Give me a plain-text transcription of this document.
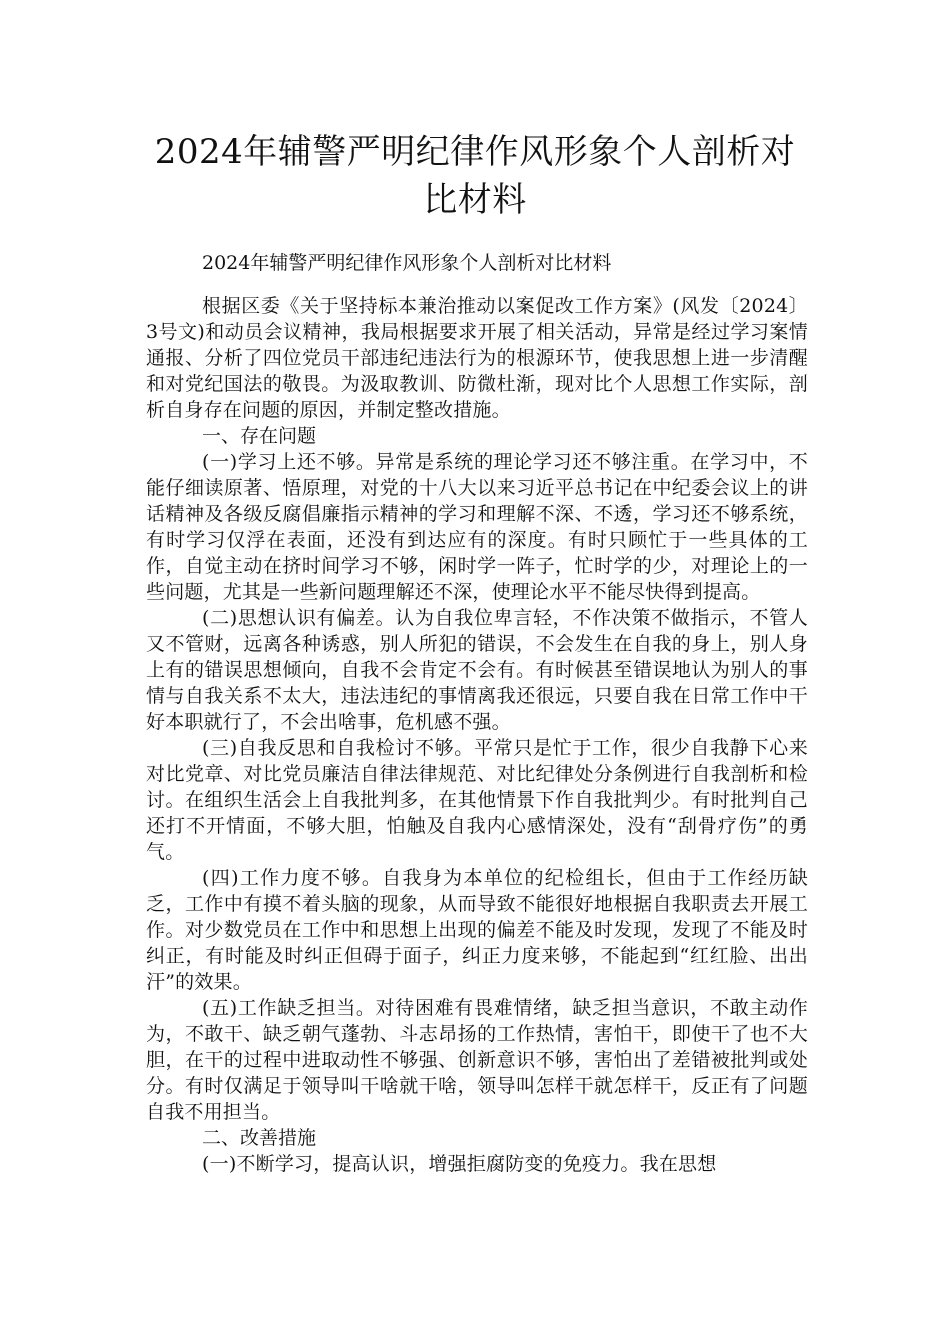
2024年辅警严明纪律作风形象个人剖析对
比材料

2024年辅警严明纪律作风形象个人剖析对比材料

根据区委《关于坚持标本兼治推动以案促改工作方案》(风发〔2024〕3号文)和动员会议精神，我局根据要求开展了相关活动，异常是经过学习案情通报、分析了四位党员干部违纪违法行为的根源环节，使我思想上进一步清醒和对党纪国法的敬畏。为汲取教训、防微杜渐，现对比个人思想工作实际，剖析自身存在问题的原因，并制定整改措施。

一、存在问题

(一)学习上还不够。异常是系统的理论学习还不够注重。在学习中，不能仔细读原著、悟原理，对党的十八大以来习近平总书记在中纪委会议上的讲话精神及各级反腐倡廉指示精神的学习和理解不深、不透，学习还不够系统，有时学习仅浮在表面，还没有到达应有的深度。有时只顾忙于一些具体的工作，自觉主动在挤时间学习不够，闲时学一阵子，忙时学的少，对理论上的一些问题，尤其是一些新问题理解还不深，使理论水平不能尽快得到提高。

(二)思想认识有偏差。认为自我位卑言轻，不作决策不做指示，不管人又不管财，远离各种诱惑，别人所犯的错误，不会发生在自我的身上，别人身上有的错误思想倾向，自我不会肯定不会有。有时候甚至错误地认为别人的事情与自我关系不太大，违法违纪的事情离我还很远，只要自我在日常工作中干好本职就行了，不会出啥事，危机感不强。

(三)自我反思和自我检讨不够。平常只是忙于工作，很少自我静下心来对比党章、对比党员廉洁自律法律规范、对比纪律处分条例进行自我剖析和检讨。在组织生活会上自我批判多，在其他情景下作自我批判少。有时批判自己还打不开情面，不够大胆，怕触及自我内心感情深处，没有“刮骨疗伤”的勇气。

(四)工作力度不够。自我身为本单位的纪检组长，但由于工作经历缺乏，工作中有摸不着头脑的现象，从而导致不能很好地根据自我职责去开展工作。对少数党员在工作中和思想上出现的偏差不能及时发现，发现了不能及时纠正，有时能及时纠正但碍于面子，纠正力度来够，不能起到“红红脸、出出汗”的效果。

(五)工作缺乏担当。对待困难有畏难情绪，缺乏担当意识，不敢主动作为，不敢干、缺乏朝气蓬勃、斗志昂扬的工作热情，害怕干，即使干了也不大胆，在干的过程中进取动性不够强、创新意识不够，害怕出了差错被批判或处分。有时仅满足于领导叫干啥就干啥，领导叫怎样干就怎样干，反正有了问题自我不用担当。

二、改善措施

(一)不断学习，提高认识，增强拒腐防变的免疫力。我在思想
